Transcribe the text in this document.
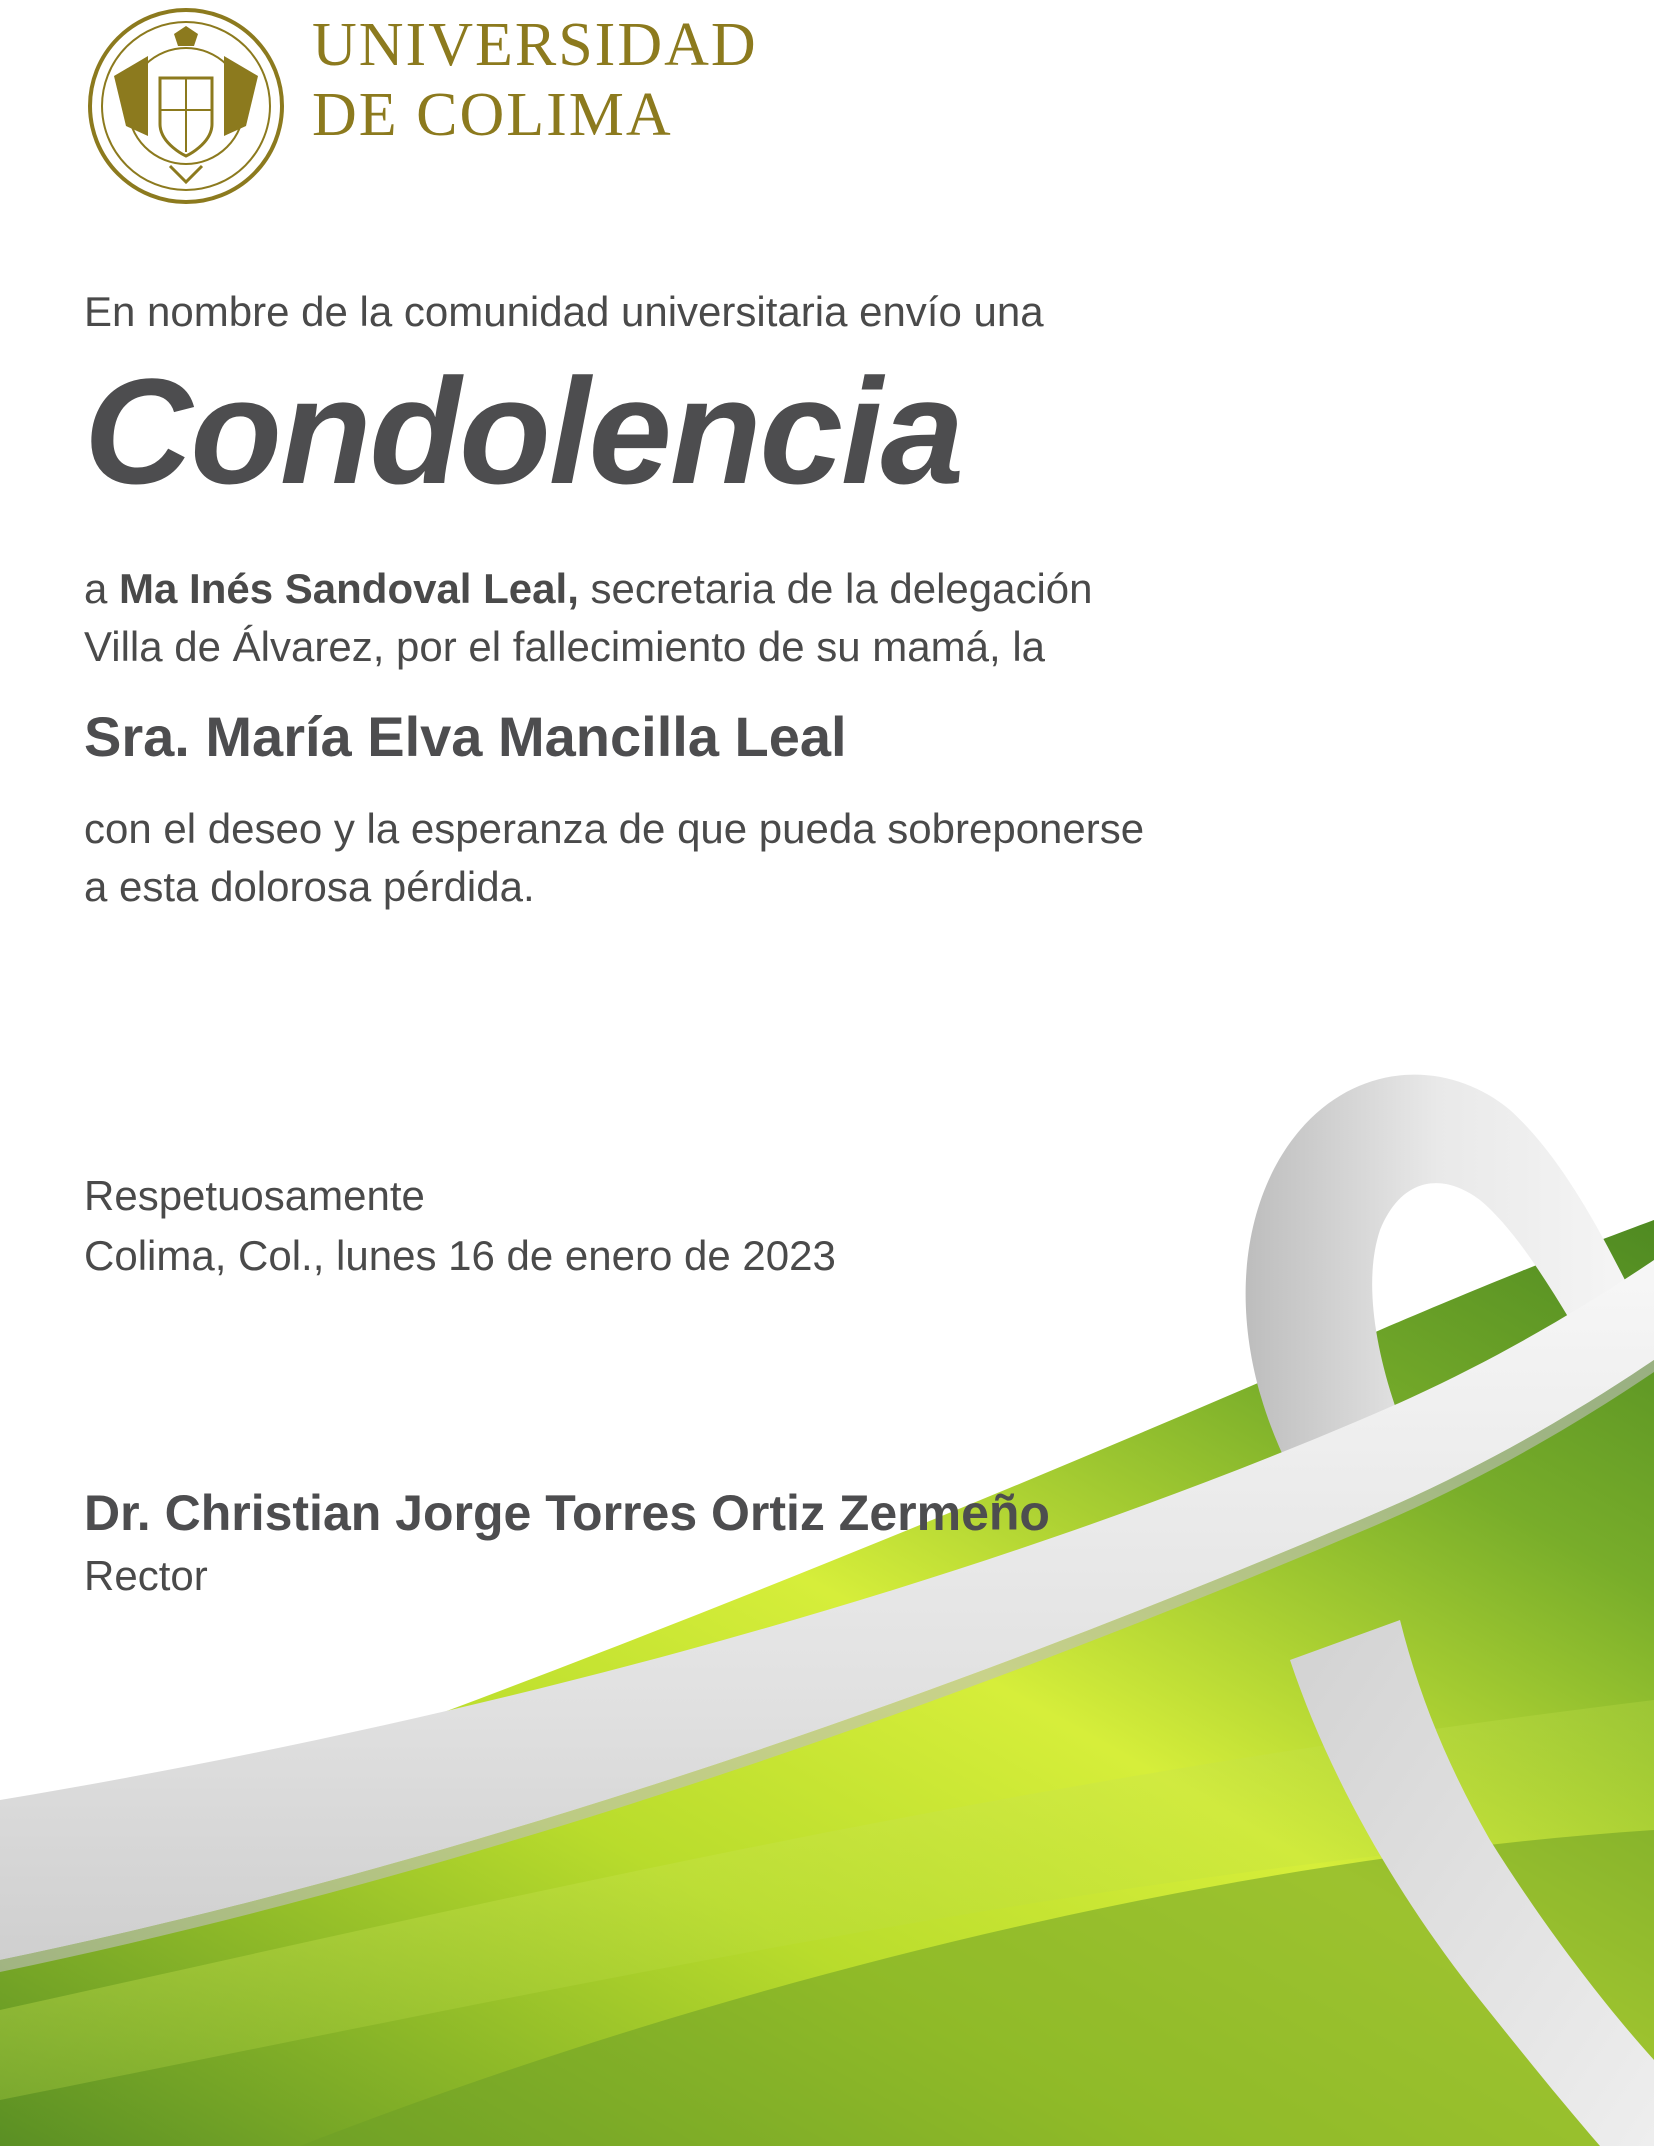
UNIVERSIDAD
DE COLIMA
En nombre de la comunidad universitaria envío una
Condolencia
a Ma Inés Sandoval Leal, secretaria de la delegación
Villa de Álvarez, por el fallecimiento de su mamá, la
Sra. María Elva Mancilla Leal
con el deseo y la esperanza de que pueda sobreponerse
a esta dolorosa pérdida.
Respetuosamente
Colima, Col., lunes 16 de enero de 2023
Dr. Christian Jorge Torres Ortiz Zermeño
Rector
